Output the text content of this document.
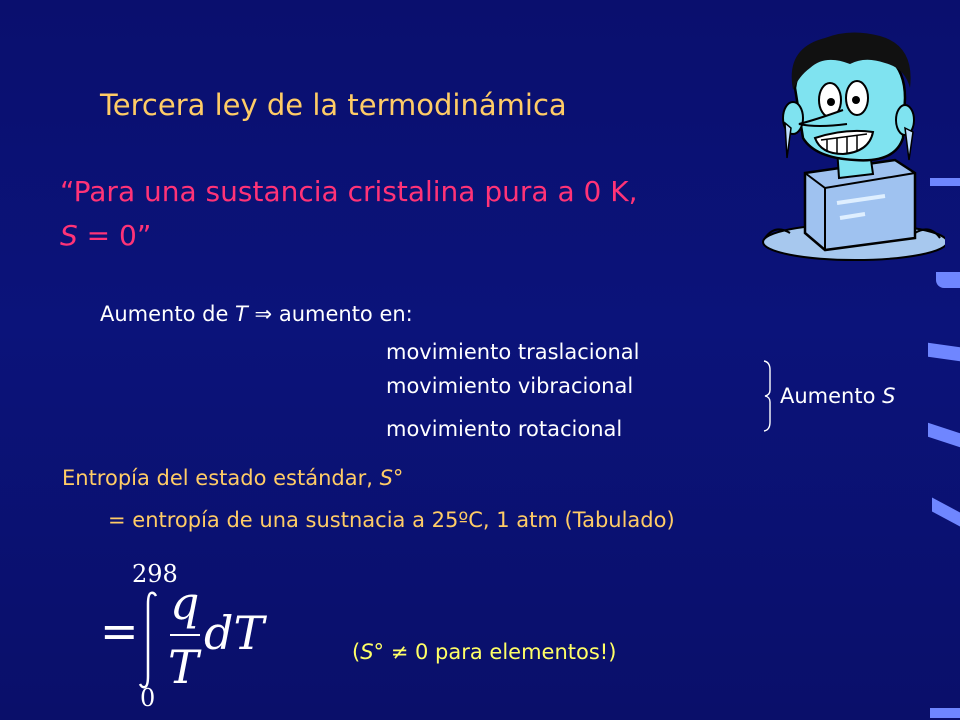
Tercera ley de la termodinámica
“Para una sustancia cristalina pura a 0 K,
S = 0”
Aumento de T ⇒ aumento en:
movimiento traslacional
movimiento vibracional
movimiento rotacional
Aumento S
Entropía del estado estándar, S°
= entropía de una sustnacia a 25ºC, 1 atm (Tabulado)
=
298
0
q
T
dT	(S° ≠ 0 para elementos!)
